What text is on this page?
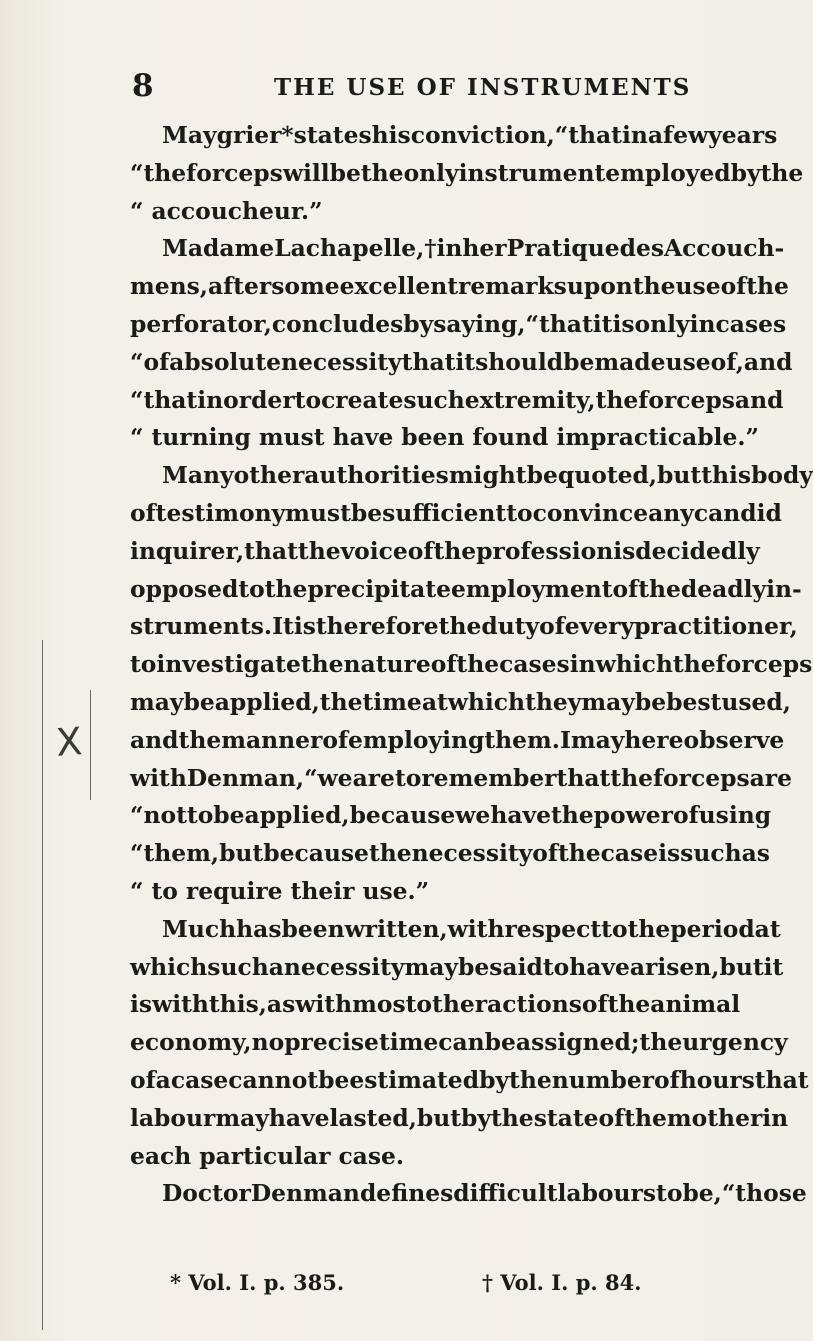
X
8	THE USE OF INSTRUMENTS
Maygrier * states his conviction, “ that in a few years
“ the forceps will be the only instrument employed by the
“ accoucheur.”
Madame Lachapelle, † in her Pratique des Accouch-
mens, after some excellent remarks upon the use of the
perforator, concludes by saying, “ that it is only in cases
“ of absolute necessity that it should be made use of, and
“ that in order to create such extremity, the forceps and
“ turning must have been found impracticable.”
Many other authorities might be quoted, but this body
of testimony must be sufficient to convince any candid
inquirer, that the voice of the profession is decidedly
opposed to the precipitate employment of the deadly in-
struments. It is therefore the duty of every practitioner,
to investigate the nature of the cases in which the forceps
may be applied, the time at which they may be best used,
and the manner of employing them. I may here observe
with Denman, “ we are to remember that the forceps are
“ not to be applied, because we have the power of using
“ them, but because the necessity of the case is such as
“ to require their use.”
Much has been written, with respect to the period at
which such a necessity may be said to have arisen, but it
is with this, as with most other actions of the animal
economy, no precise time can be assigned; the urgency
of a case cannot be estimated by the number of hours that
labour may have lasted, but by the state of the mother in
each particular case.
Doctor Denman defines difficult labours to be, “ those
* Vol. I. p. 385.	† Vol. I. p. 84.
